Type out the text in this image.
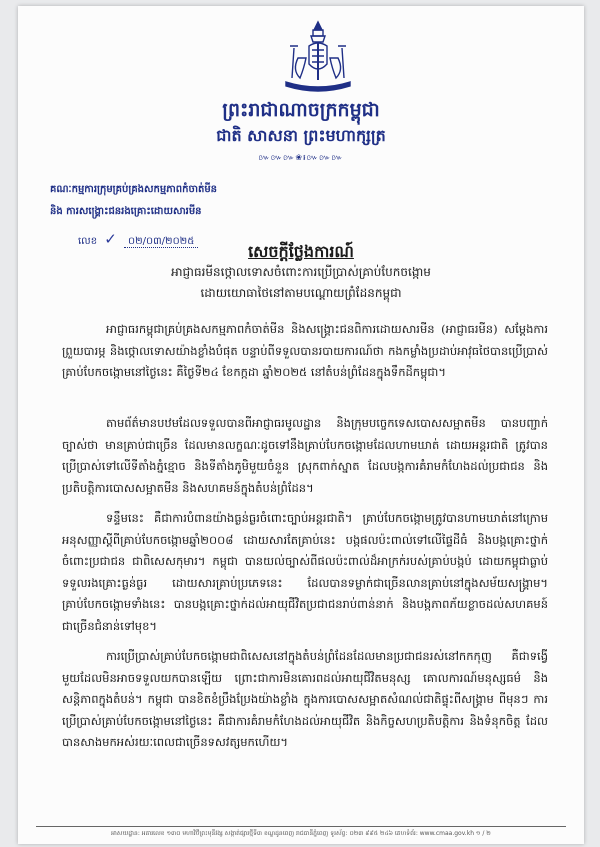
ព្រះរាជាណាចក្រកម្ពុជា
ជាតិ សាសនា ព្រះមហាក្សត្រ
៚៚៚❀៛៚៚៚
គណៈកម្មការក្រុមគ្រប់គ្រងសកម្មភាពកំចាត់មីន
និង ការសង្គ្រោះជនរងគ្រោះដោយសារមីន
លេខ ✓ ០២/០៣/២០២៥
សេចក្តីថ្លែងការណ៍
អាជ្ញាធរមីនថ្កោលទោសចំពោះការប្រើប្រាស់គ្រាប់បែកចង្កោម
ដោយយោធាថៃនៅតាមបណ្តោយព្រំដែនកម្ពុជា
អាជ្ញាធរកម្ពុជាគ្រប់គ្រងសកម្មភាពកំចាត់មីន និងសង្គ្រោះជនពិការដោយសារមីន (អាជ្ញាធរមីន) សម្តែងការព្រួយបារម្ភ និងថ្កោលទោសយ៉ាងខ្លាំងបំផុត បន្ទាប់ពីទទួលបានរបាយការណ៍ថា កងកម្លាំងប្រដាប់អាវុធថៃបានប្រើប្រាស់គ្រាប់បែកចង្កោមនៅថ្ងៃនេះ គឺថ្ងៃទី២៤ ខែកក្កដា ឆ្នាំ២០២៥ នៅតំបន់ព្រំដែនក្នុងទឹកដីកម្ពុជា។
តាមព័ត៌មានបឋមដែលទទួលបានពីអាជ្ញាធរមូលដ្ឋាន និងក្រុមបច្ចេកទេសបោសសម្អាតមីន បានបញ្ជាក់ច្បាស់ថា មានគ្រាប់ជាច្រើន ដែលមានលក្ខណៈដូចទៅនឹងគ្រាប់បែកចង្កោមដែលហាមឃាត់ ដោយអន្តរជាតិ ត្រូវបានប្រើប្រាស់ទៅលើទីតាំងភ្នំខ្មោច និងទីតាំងភូមិមួយចំនួន ស្រុកពាក់ស្នាត ដែលបង្កការគំរាមកំហែងដល់ប្រជាជន និងប្រតិបត្តិការបោសសម្អាតមីន និងសហគមន៍ក្នុងតំបន់ព្រំដែន។
ទន្ទឹមនេះ គឺជាការបំពានយ៉ាងធ្ងន់ធ្ងរចំពោះច្បាប់អន្តរជាតិ។ គ្រាប់បែកចង្កោមត្រូវបានហាមឃាត់នៅក្រោមអនុសញ្ញាស្តីពីគ្រាប់បែកចង្កោមឆ្នាំ២០០៨ ដោយសារតែគ្រាប់នេះ បង្កផលប៉ះពាល់ទៅលើផ្ទៃដីធំ និងបង្កគ្រោះថ្នាក់ចំពោះប្រជាជន ជាពិសេសកុមារ។ កម្ពុជា បានយល់ច្បាស់ពីផលប៉ះពាល់ដ៏អាក្រក់របស់គ្រាប់បង្កប់ ដោយកម្ពុជាធ្លាប់ទទួលរងគ្រោះធ្ងន់ធ្ងរ ដោយសារគ្រាប់ប្រភេទនេះ ដែលបានទម្លាក់ជាច្រើនលានគ្រាប់នៅក្នុងសម័យសង្គ្រាម។ គ្រាប់បែកចង្កោមទាំងនេះ បានបង្កគ្រោះថ្នាក់ដល់អាយុជីវិតប្រជាជនរាប់ពាន់នាក់ និងបង្កភាពភ័យខ្លាចដល់សហគមន៍ជាច្រើនជំនាន់ទៅមុខ។
ការប្រើប្រាស់គ្រាប់បែកចង្កោមជាពិសេសនៅក្នុងតំបន់ព្រំដែនដែលមានប្រជាជនរស់នៅកកកុញ គឺជាទង្វើមួយដែលមិនអាចទទួលយកបានឡើយ ព្រោះជាការមិនគោរពដល់អាយុជីវិតមនុស្ស គោលការណ៍មនុស្សធម៌ និងសន្តិភាពក្នុងតំបន់។ កម្ពុជា បានខិតខំប្រឹងប្រែងយ៉ាងខ្លាំង ក្នុងការបោសសម្អាតសំណល់ជាតិផ្ទុះពីសង្គ្រាម ពីមុនៗ ការប្រើប្រាស់គ្រាប់បែកចង្កោមនៅថ្ងៃនេះ គឺជាការគំរាមកំហែងដល់អាយុជីវិត និងកិច្ចសហប្រតិបត្តិការ និងទំនុកចិត្ត ដែលបានសាងមកអស់រយៈពេលជាច្រើនទសវត្សមកហើយ។
អាសយដ្ឋាន: អគារលេខ ១៣០ មហាវិថីព្រះមុនីវង្ស សង្កាត់ផ្សារថ្មីទី៣ ខណ្ឌដូនពេញ រាជធានីភ្នំពេញ ទូរស័ព្ទ: ០២៣ ៩៩៥ ២៤៦ គេហទំព័រ: www.cmaa.gov.kh ១ / ២
